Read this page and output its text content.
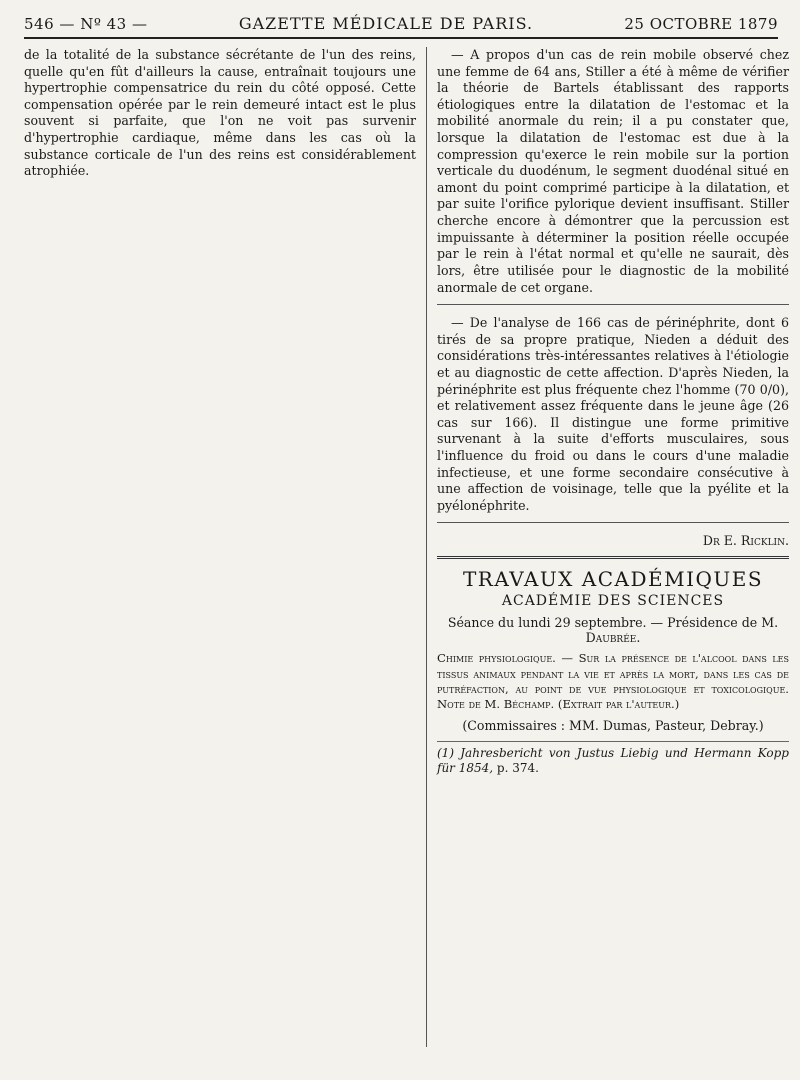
546 — Nº 43 —	GAZETTE MÉDICALE DE PARIS.	25 OCTOBRE 1879

de la totalité de la substance sécrétante de l'un des reins, quelle qu'en fût d'ailleurs la cause, entraînait toujours une hypertrophie compensatrice du rein du côté opposé. Cette compensation opérée par le rein demeuré intact est le plus souvent si parfaite, que l'on ne voit pas survenir d'hypertrophie cardiaque, même dans les cas où la substance corticale de l'un des reins est considérablement atrophiée.

— A propos d'un cas de rein mobile observé chez une femme de 64 ans, Stiller a été à même de vérifier la théorie de Bartels établissant des rapports étiologiques entre la dilatation de l'estomac et la mobilité anormale du rein; il a pu constater que, lorsque la dilatation de l'estomac est due à la compression qu'exerce le rein mobile sur la portion verticale du duodénum, le segment duodénal situé en amont du point comprimé participe à la dilatation, et par suite l'orifice pylorique devient insuffisant. Stiller cherche encore à démontrer que la percussion est impuissante à déterminer la position réelle occupée par le rein à l'état normal et qu'elle ne saurait, dès lors, être utilisée pour le diagnostic de la mobilité anormale de cet organe.

— De l'analyse de 166 cas de périnéphrite, dont 6 tirés de sa propre pratique, Nieden a déduit des considérations très-intéressantes relatives à l'étiologie et au diagnostic de cette affection. D'après Nieden, la périnéphrite est plus fréquente chez l'homme (70 0/0), et relativement assez fréquente dans le jeune âge (26 cas sur 166). Il distingue une forme primitive survenant à la suite d'efforts musculaires, sous l'influence du froid ou dans le cours d'une maladie infectieuse, et une forme secondaire consécutive à une affection de voisinage, telle que la pyélite et la pyélonéphrite.

Dr E. Ricklin.
TRAVAUX ACADÉMIQUES
ACADÉMIE DES SCIENCES
Séance du lundi 29 septembre. — Présidence de M. Daubrée.
Chimie physiologique. — Sur la présence de l'alcool dans les tissus animaux pendant la vie et après la mort, dans les cas de putréfaction, au point de vue physiologique et toxicologique. Note de M. Béchamp. (Extrait par l'auteur.)
(Commissaires : MM. Dumas, Pasteur, Debray.)
(1) Jahresbericht von Justus Liebig und Hermann Kopp für 1854, p. 374.
